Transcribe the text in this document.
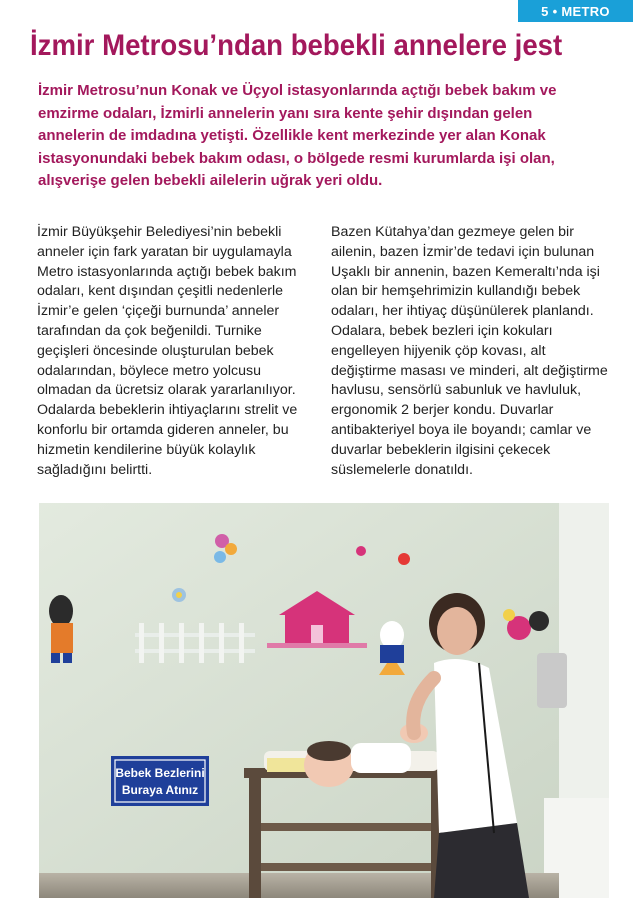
5 • METRO
İzmir Metrosu’ndan bebekli annelere jest

İzmir Metrosu’nun Konak ve Üçyol istasyonlarında açtığı bebek bakım ve emzirme odaları, İzmirli annelerin yanı sıra kente şehir dışından gelen annelerin de imdadına yetişti. Özellikle kent merkezinde yer alan Konak istasyonundaki bebek bakım odası, o bölgede resmi kurumlarda işi olan, alışverişe gelen bebekli ailelerin uğrak yeri oldu.

İzmir Büyükşehir Belediyesi’nin bebekli anneler için fark yaratan bir uygulamayla Metro istasyonlarında açtığı bebek bakım odaları, kent dışından çeşitli nedenlerle İzmir’e gelen ‘çiçeği burnunda’ anneler tarafından da çok beğenildi. Turnike geçişleri öncesinde oluşturulan bebek odalarından, böylece metro yolcusu olmadan da ücretsiz olarak yararlanılıyor. Odalarda bebeklerin ihtiyaçlarını strelit ve konforlu bir ortamda gideren anneler, bu hizmetin kendilerine büyük kolaylık sağladığını belirtti.

Bazen Kütahya’dan gezmeye gelen bir ailenin, bazen İzmir’de tedavi için bulunan Uşaklı bir annenin, bazen Kemeraltı’nda işi olan bir hemşehrimizin kullandığı bebek odaları, her ihtiyaç düşünülerek planlandı. Odalara, bebek bezleri için kokuları engelleyen hijyenik çöp kovası, alt değiştirme masası ve minderi, alt değiştirme havlusu, sensörlü sabunluk ve havluluk, ergonomik 2 berjer kondu. Duvarlar antibakteriyel boya ile boyandı; camlar ve duvarlar bebeklerin ilgisini çekecek süslemelerle donatıldı.

Bebek Bezlerini
Buraya Atınız
